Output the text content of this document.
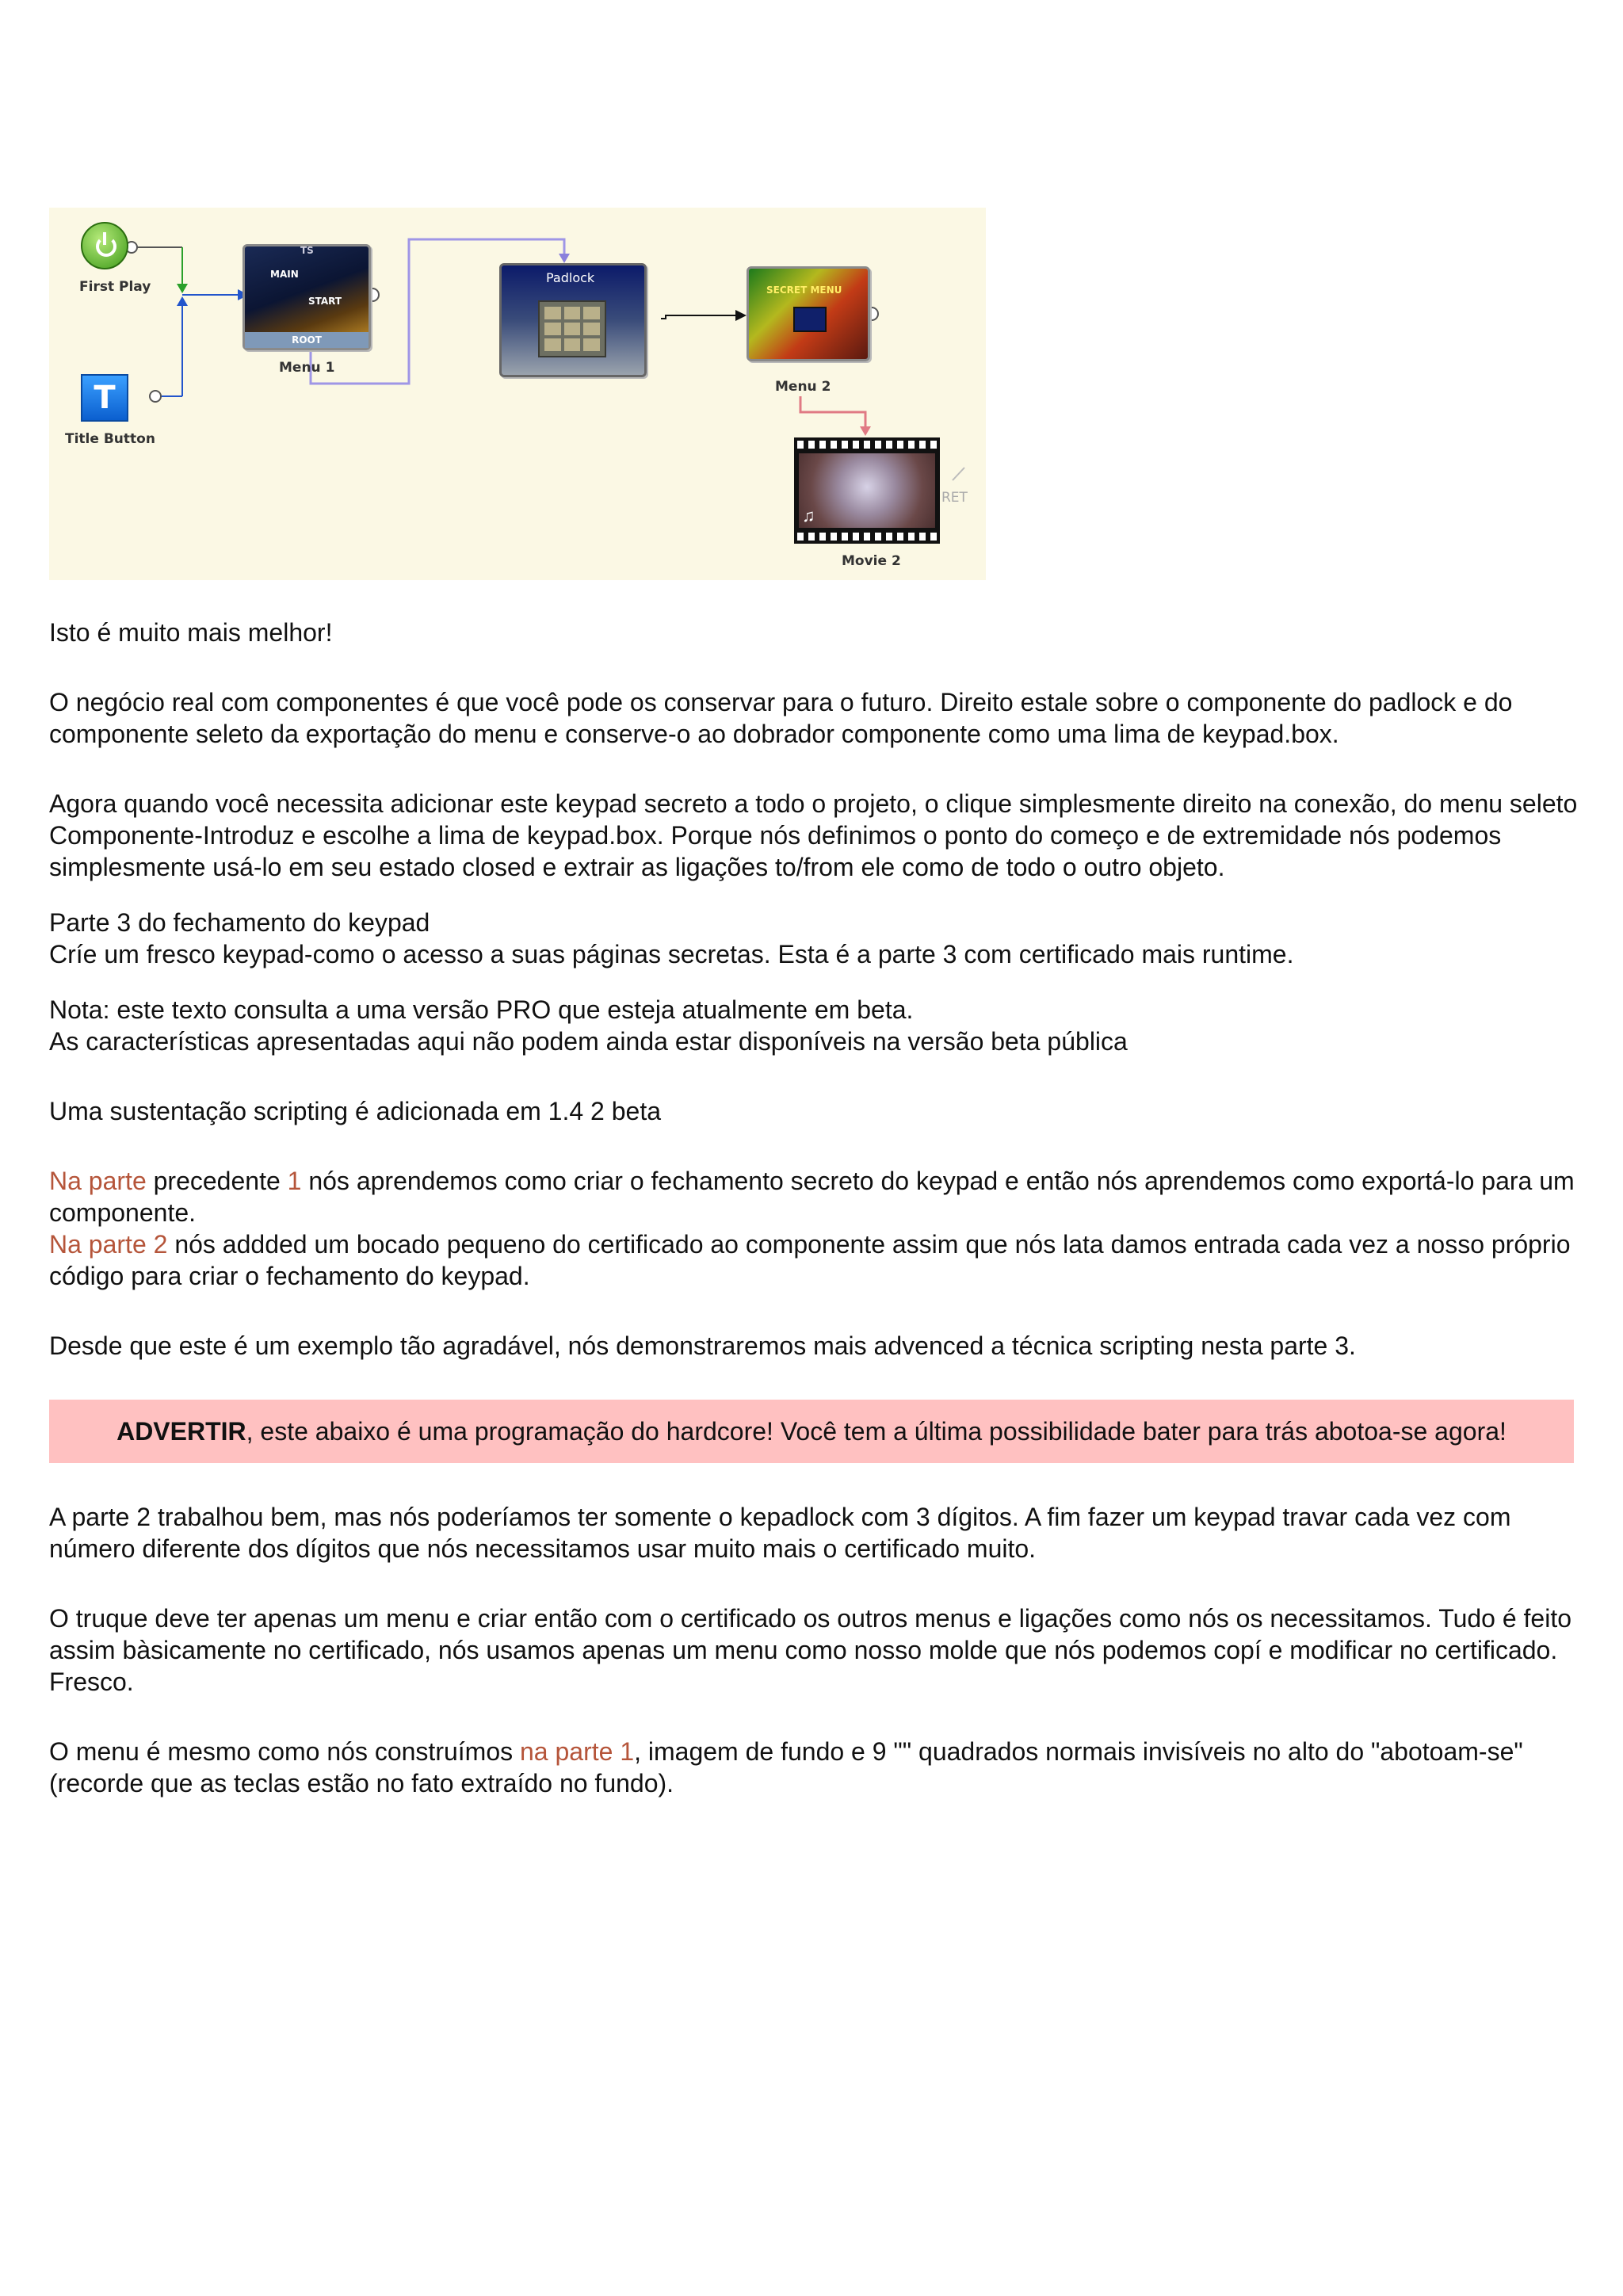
First Play
T
Title Button
TS
MAIN
START
ROOT
Menu 1
Padlock
SECRET MENU
Menu 2
♫
RET
Movie 2

Isto é muito mais melhor!

O negócio real com componentes é que você pode os conservar para o futuro. Direito estale sobre o componente do padlock e do componente seleto da exportação do menu e conserve-o ao dobrador componente como uma lima de keypad.box.

Agora quando você necessita adicionar este keypad secreto a todo o projeto, o clique simplesmente direito na conexão, do menu seleto Componente-Introduz e escolhe a lima de keypad.box. Porque nós definimos o ponto do começo e de extremidade nós podemos simplesmente usá-lo em seu estado closed e extrair as ligações to/from ele como de todo o outro objeto.

Parte 3 do fechamento do keypad

Críe um fresco keypad-como o acesso a suas páginas secretas. Esta é a parte 3 com certificado mais runtime.

Nota: este texto consulta a uma versão PRO que esteja atualmente em beta.

As características apresentadas aqui não podem ainda estar disponíveis na versão beta pública

Uma sustentação scripting é adicionada em 1.4 2 beta

Na parte precedente 1 nós aprendemos como criar o fechamento secreto do keypad e então nós aprendemos como exportá-lo para um componente.

Na parte 2 nós addded um bocado pequeno do certificado ao componente assim que nós lata damos entrada cada vez a nosso próprio código para criar o fechamento do keypad.

Desde que este é um exemplo tão agradável, nós demonstraremos mais advenced a técnica scripting nesta parte 3.

ADVERTIR, este abaixo é uma programação do hardcore! Você tem a última possibilidade bater para trás abotoa-se agora!

A parte 2 trabalhou bem, mas nós poderíamos ter somente o kepadlock com 3 dígitos. A fim fazer um keypad travar cada vez com número diferente dos dígitos que nós necessitamos usar muito mais o certificado muito.

O truque deve ter apenas um menu e criar então com o certificado os outros menus e ligações como nós os necessitamos. Tudo é feito assim bàsicamente no certificado, nós usamos apenas um menu como nosso molde que nós podemos copí e modificar no certificado. Fresco.

O menu é mesmo como nós construímos na parte 1, imagem de fundo e 9 "" quadrados normais invisíveis no alto do "abotoam-se" (recorde que as teclas estão no fato extraído no fundo).
